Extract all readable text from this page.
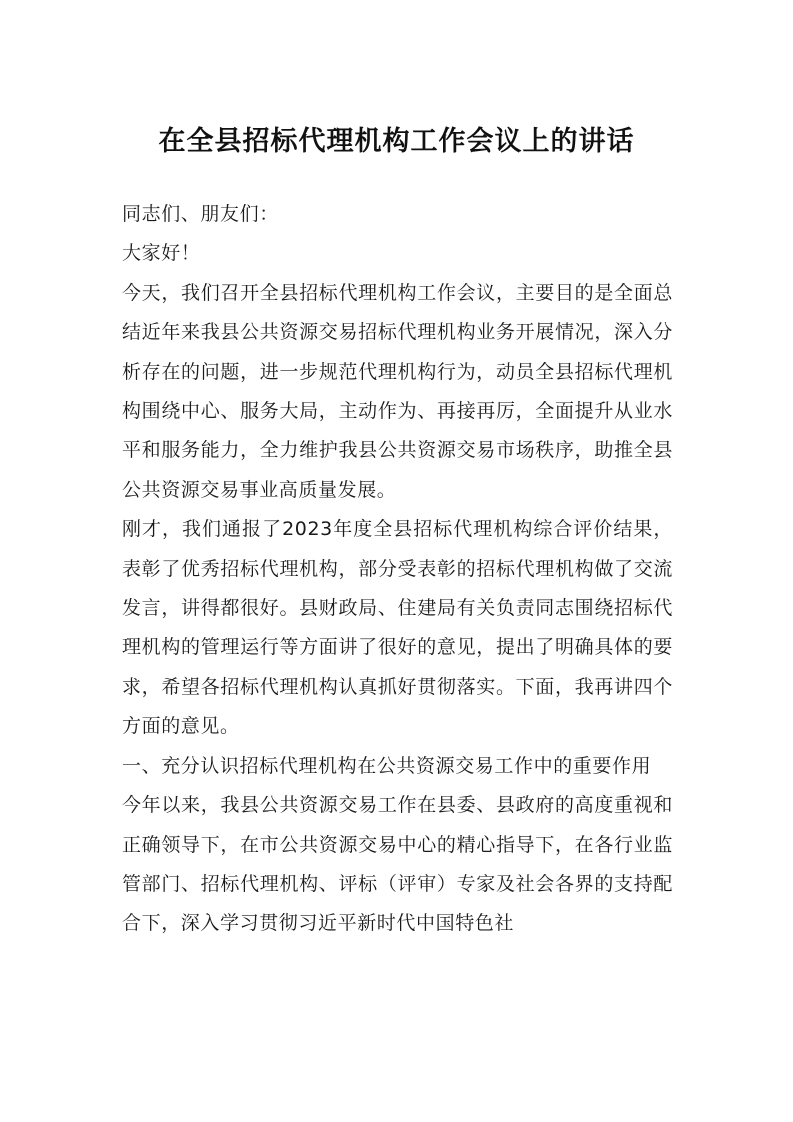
在全县招标代理机构工作会议上的讲话

同志们、朋友们：

大家好！

今天，我们召开全县招标代理机构工作会议，主要目的是全面总结近年来我县公共资源交易招标代理机构业务开展情况，深入分析存在的问题，进一步规范代理机构行为，动员全县招标代理机构围绕中心、服务大局，主动作为、再接再厉，全面提升从业水平和服务能力，全力维护我县公共资源交易市场秩序，助推全县公共资源交易事业高质量发展。

刚才，我们通报了2023年度全县招标代理机构综合评价结果，表彰了优秀招标代理机构，部分受表彰的招标代理机构做了交流发言，讲得都很好。县财政局、住建局有关负责同志围绕招标代理机构的管理运行等方面讲了很好的意见，提出了明确具体的要求，希望各招标代理机构认真抓好贯彻落实。下面，我再讲四个方面的意见。

一、充分认识招标代理机构在公共资源交易工作中的重要作用

今年以来，我县公共资源交易工作在县委、县政府的高度重视和正确领导下，在市公共资源交易中心的精心指导下，在各行业监管部门、招标代理机构、评标（评审）专家及社会各界的支持配合下，深入学习贯彻习近平新时代中国特色社
